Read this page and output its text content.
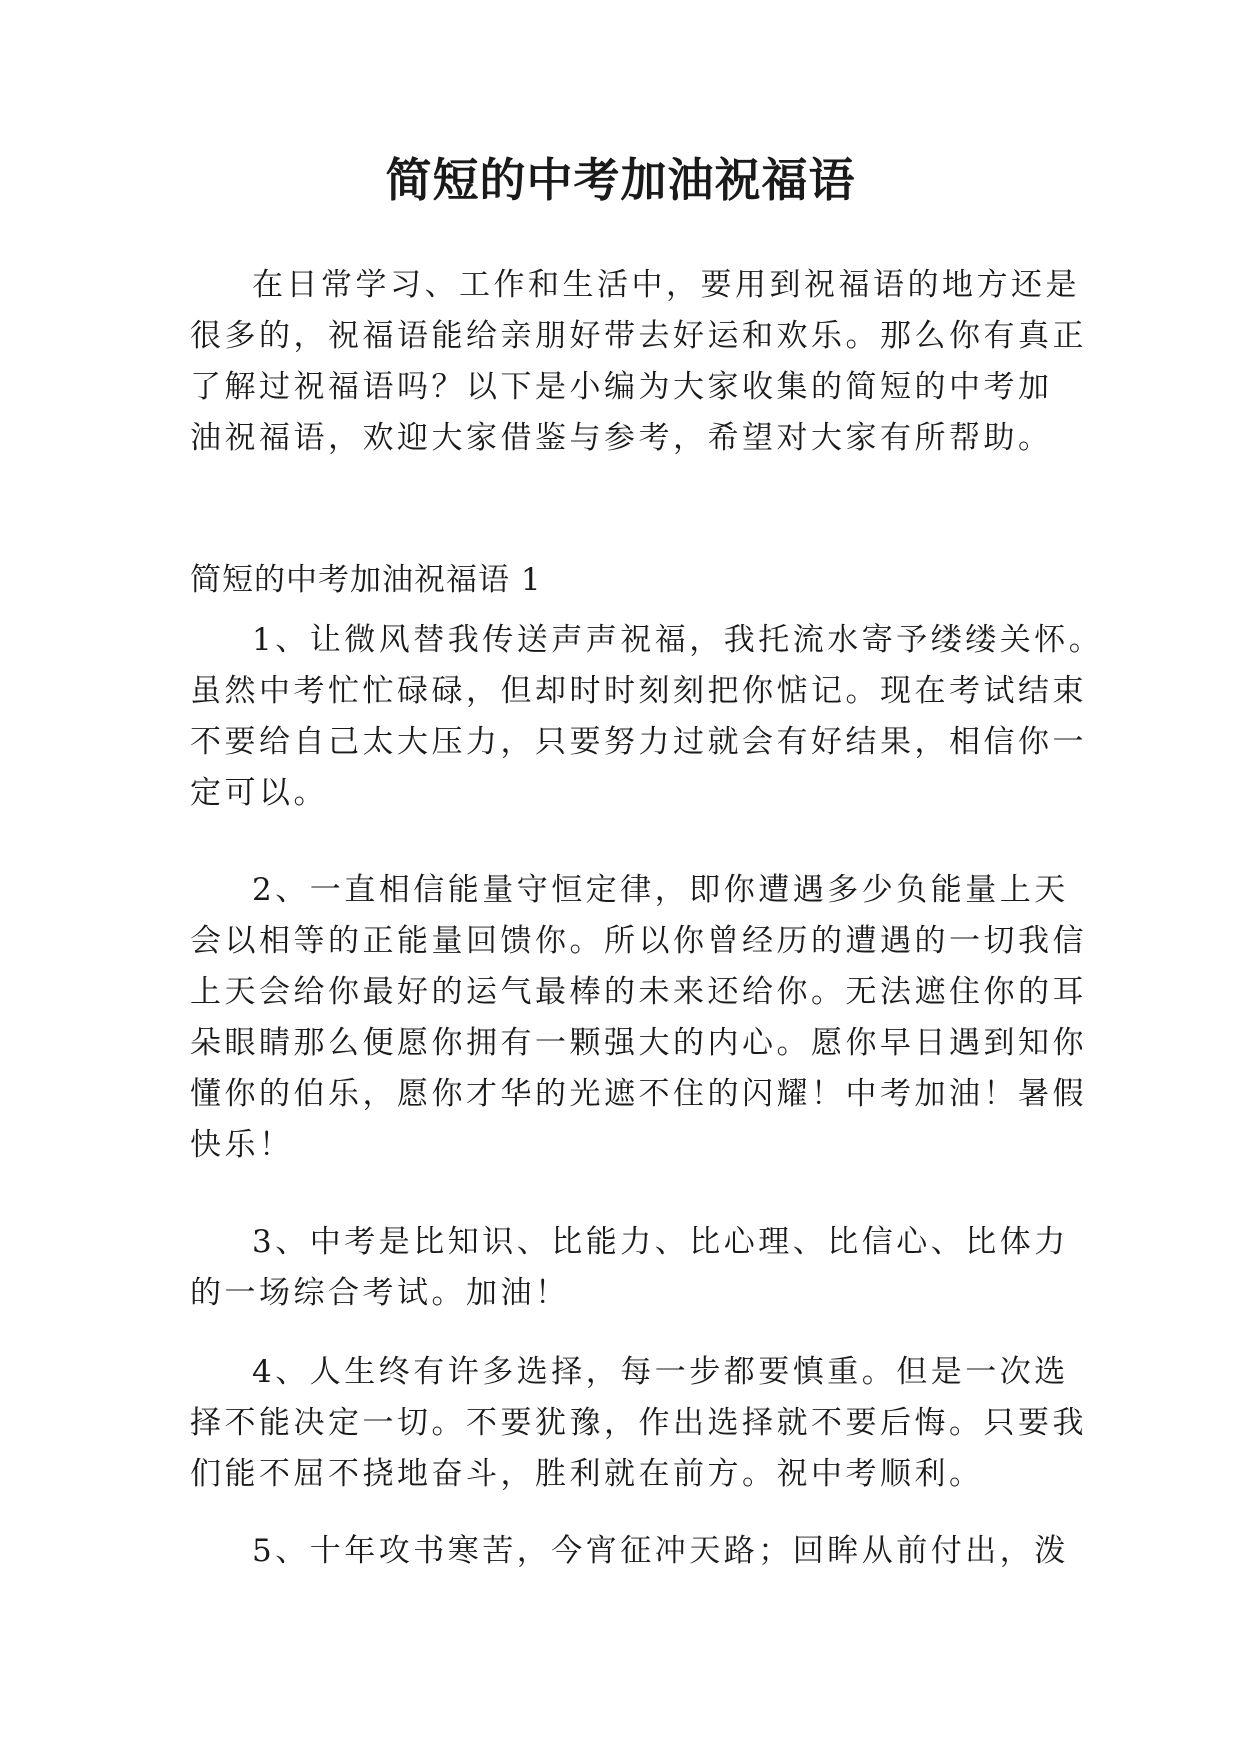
简短的中考加油祝福语
在日常学习、工作和生活中，要用到祝福语的地方还是
很多的，祝福语能给亲朋好带去好运和欢乐。那么你有真正
了解过祝福语吗？以下是小编为大家收集的简短的中考加
油祝福语，欢迎大家借鉴与参考，希望对大家有所帮助。
简短的中考加油祝福语 1
1、让微风替我传送声声祝福，我托流水寄予缕缕关怀。
虽然中考忙忙碌碌，但却时时刻刻把你惦记。现在考试结束
不要给自己太大压力，只要努力过就会有好结果，相信你一
定可以。
2、一直相信能量守恒定律，即你遭遇多少负能量上天
会以相等的正能量回馈你。所以你曾经历的遭遇的一切我信
上天会给你最好的运气最棒的未来还给你。无法遮住你的耳
朵眼睛那么便愿你拥有一颗强大的内心。愿你早日遇到知你
懂你的伯乐，愿你才华的光遮不住的闪耀！中考加油！暑假
快乐！
3、中考是比知识、比能力、比心理、比信心、比体力
的一场综合考试。加油！
4、人生终有许多选择，每一步都要慎重。但是一次选
择不能决定一切。不要犹豫，作出选择就不要后悔。只要我
们能不屈不挠地奋斗，胜利就在前方。祝中考顺利。
5、十年攻书寒苦，今宵征冲天路；回眸从前付出，泼
